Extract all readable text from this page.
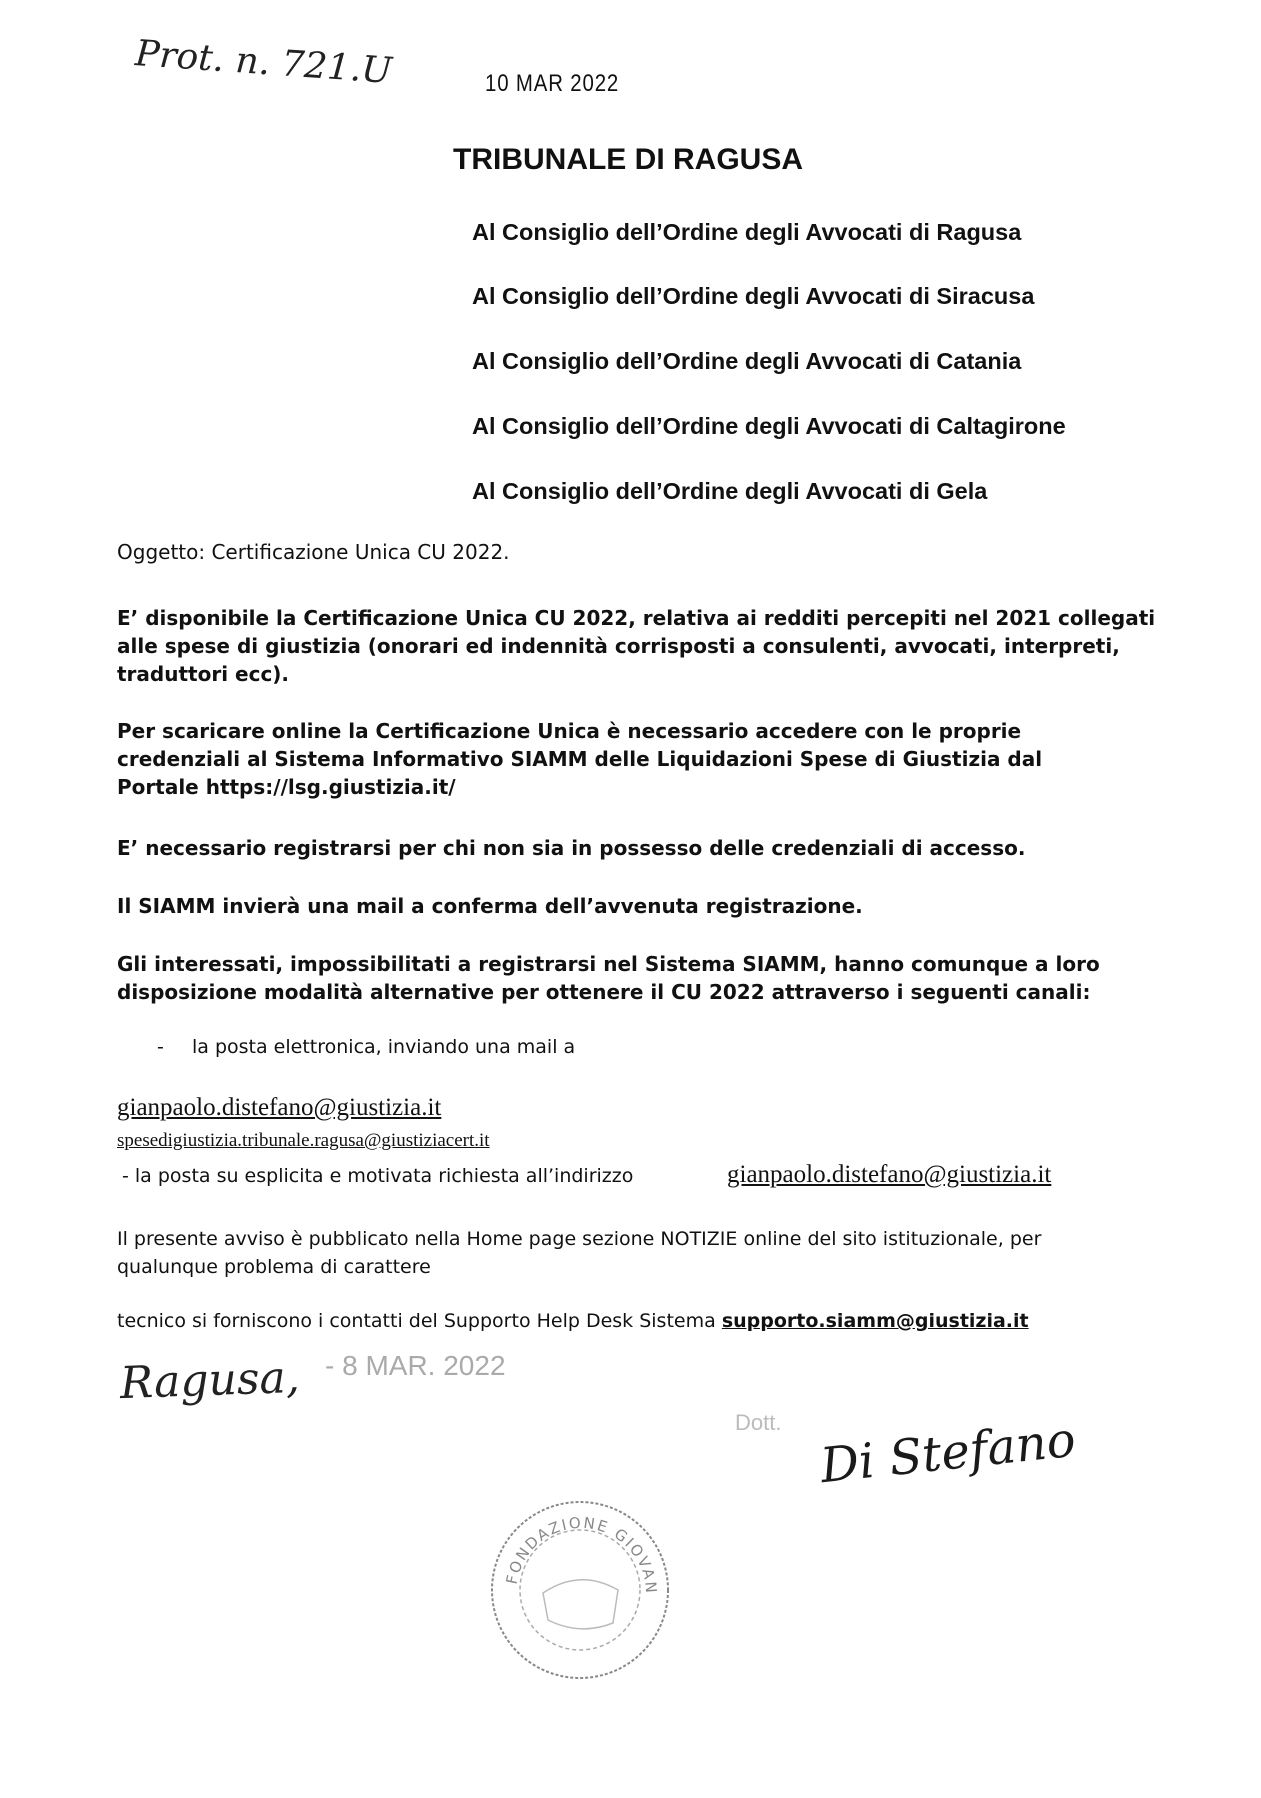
Prot. n. 721.U	10 MAR 2022
TRIBUNALE DI RAGUSA
Al Consiglio dell’Ordine degli Avvocati di Ragusa
Al Consiglio dell’Ordine degli Avvocati di Siracusa
Al Consiglio dell’Ordine degli Avvocati di Catania
Al Consiglio dell’Ordine degli Avvocati di Caltagirone
Al Consiglio dell’Ordine degli Avvocati di Gela
Oggetto: Certificazione Unica CU 2022.
E’ disponibile la Certificazione Unica CU 2022, relativa ai redditi percepiti nel 2021 collegati
alle spese di giustizia (onorari ed indennità corrisposti a consulenti, avvocati, interpreti,
traduttori ecc).
Per scaricare online la Certificazione Unica è necessario accedere con le proprie
credenziali al Sistema Informativo SIAMM delle Liquidazioni Spese di Giustizia dal
Portale https://lsg.giustizia.it/
E’ necessario registrarsi per chi non sia in possesso delle credenziali di accesso.
Il SIAMM invierà una mail a conferma dell’avvenuta registrazione.
Gli interessati, impossibilitati a registrarsi nel Sistema SIAMM, hanno comunque a loro
disposizione modalità alternative per ottenere il CU 2022 attraverso i seguenti canali:
- la posta elettronica, inviando una mail a
gianpaolo.distefano@giustizia.it
spesedigiustizia.tribunale.ragusa@giustiziacert.it
- la posta su esplicita e motivata richiesta all’indirizzo	gianpaolo.distefano@giustizia.it
Il presente avviso è pubblicato nella Home page sezione NOTIZIE online del sito istituzionale, per
qualunque problema di carattere
tecnico si forniscono i contatti del Supporto Help Desk Sistema supporto.siamm@giustizia.it
Ragusa, - 8 MAR. 2022
FONDAZIONE GIOVAN
Dott. Di Stefano
